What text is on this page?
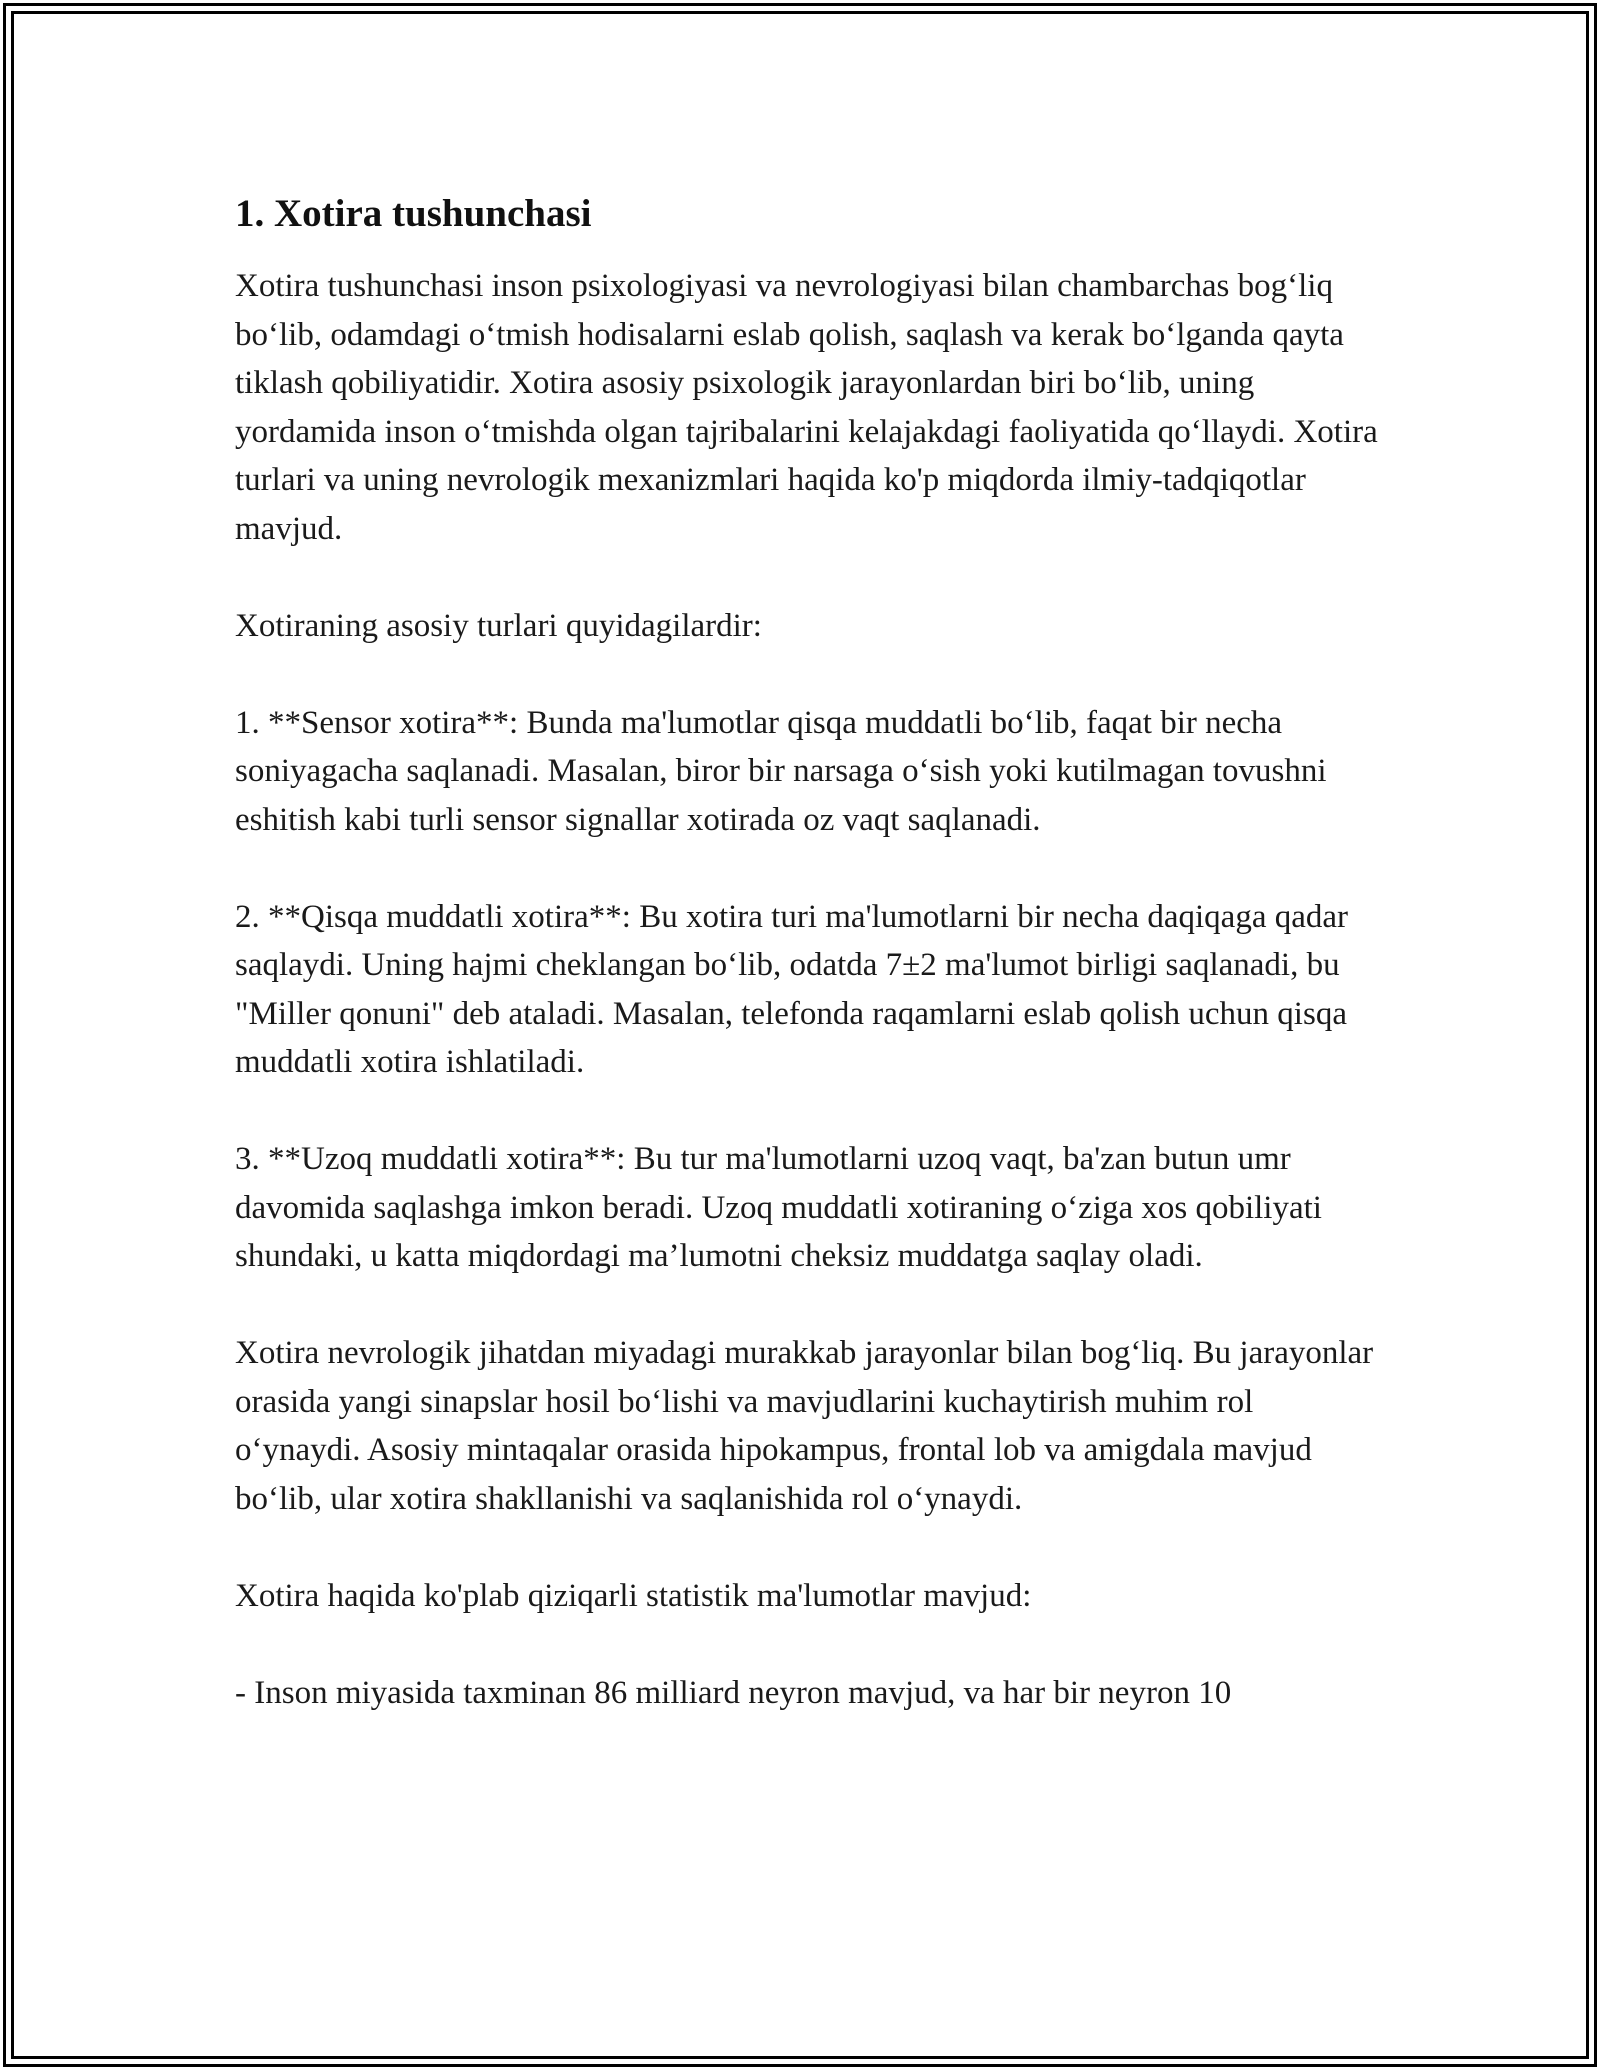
1. Xotira tushunchasi

Xotira tushunchasi inson psixologiyasi va nevrologiyasi bilan chambarchas bog‘liq bo‘lib, odamdagi o‘tmish hodisalarni eslab qolish, saqlash va kerak bo‘lganda qayta tiklash qobiliyatidir. Xotira asosiy psixologik jarayonlardan biri bo‘lib, uning yordamida inson o‘tmishda olgan tajribalarini kelajakdagi faoliyatida qo‘llaydi. Xotira turlari va uning nevrologik mexanizmlari haqida ko'p miqdorda ilmiy-tadqiqotlar mavjud.

Xotiraning asosiy turlari quyidagilardir:

1. **Sensor xotira**: Bunda ma'lumotlar qisqa muddatli bo‘lib, faqat bir necha soniyagacha saqlanadi. Masalan, biror bir narsaga o‘sish yoki kutilmagan tovushni eshitish kabi turli sensor signallar xotirada oz vaqt saqlanadi.

2. **Qisqa muddatli xotira**: Bu xotira turi ma'lumotlarni bir necha daqiqaga qadar saqlaydi. Uning hajmi cheklangan bo‘lib, odatda 7±2 ma'lumot birligi saqlanadi, bu "Miller qonuni" deb ataladi. Masalan, telefonda raqamlarni eslab qolish uchun qisqa muddatli xotira ishlatiladi.

3. **Uzoq muddatli xotira**: Bu tur ma'lumotlarni uzoq vaqt, ba'zan butun umr davomida saqlashga imkon beradi. Uzoq muddatli xotiraning o‘ziga xos qobiliyati shundaki, u katta miqdordagi ma’lumotni cheksiz muddatga saqlay oladi.

Xotira nevrologik jihatdan miyadagi murakkab jarayonlar bilan bog‘liq. Bu jarayonlar orasida yangi sinapslar hosil bo‘lishi va mavjudlarini kuchaytirish muhim rol o‘ynaydi. Asosiy mintaqalar orasida hipokampus, frontal lob va amigdala mavjud bo‘lib, ular xotira shakllanishi va saqlanishida rol o‘ynaydi.

Xotira haqida ko'plab qiziqarli statistik ma'lumotlar mavjud:

- Inson miyasida taxminan 86 milliard neyron mavjud, va har bir neyron 10
